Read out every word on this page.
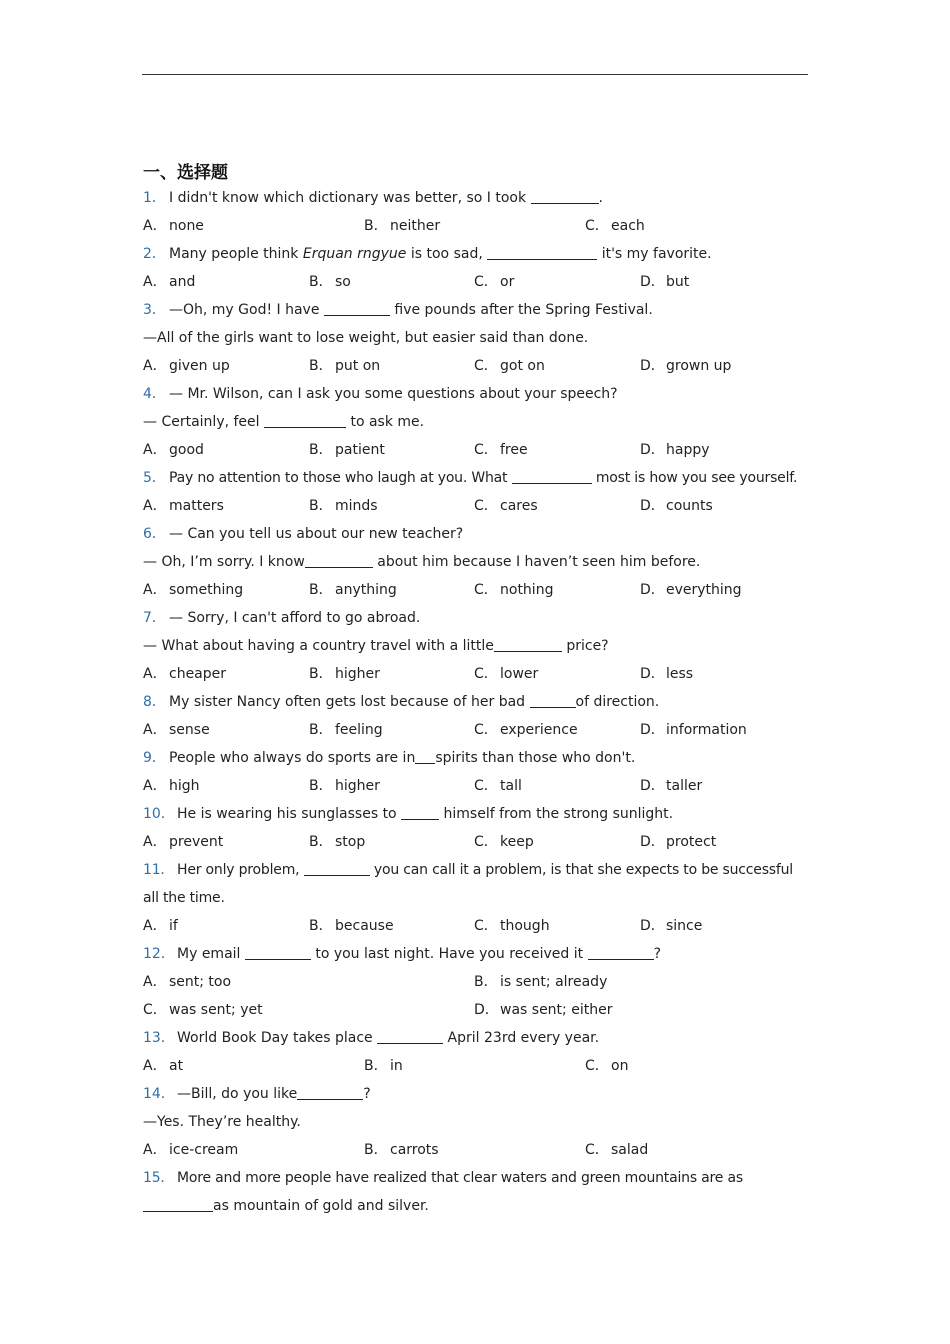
一、选择题
1． I didn't know which dictionary was better, so I took	.
A． none	B． neither	C． each
2． Many people think Erquan rngyue is too sad,	it's my favorite.
A． and	B． so	C． or	D．but
3． —Oh, my God! I have	five pounds after the Spring Festival.
—All of the girls want to lose weight, but easier said than done.
A． given up	B． put on	C． got on	D．grown up
4． — Mr. Wilson, can I ask you some questions about your speech?
— Certainly, feel	to ask me.
A． good	B． patient	C． free	D．happy
5． Pay no attention to those who laugh at you. What	most is how you see yourself.
A． matters	B． minds	C． cares	D．counts
6． — Can you tell us about our new teacher?
— Oh, I’m sorry. I know	about him because I haven’t seen him before.
A． something	B． anything	C． nothing	D．everything
7． — Sorry, I can't afford to go abroad.
— What about having a country travel with a little	price?
A． cheaper	B． higher	C． lower	D．less
8． My sister Nancy often gets lost because of her bad	of direction.
A． sense	B． feeling	C． experience	D．information
9． People who always do sports are in spirits than those who don't.
A． high	B． higher	C． tall	D．taller
10． He is wearing his sunglasses to	himself from the strong sunlight.
A． prevent	B． stop	C． keep	D．protect
11． Her only problem,	you can call it a problem, is that she expects to be successful all the time.
A． if	B． because	C． though	D．since
12． My email	to you last night. Have you received it	?
A． sent; too	B． is sent; already
C． was sent; yet	D．was sent; either
13． World Book Day takes place	April 23rd every year.
A． at	B． in	C． on
14． —Bill, do you like	?
—Yes. They’re healthy.
A． ice-cream	B． carrots	C． salad
15． More and more people have realized that clear waters and green mountains are as
as mountain of gold and silver.
